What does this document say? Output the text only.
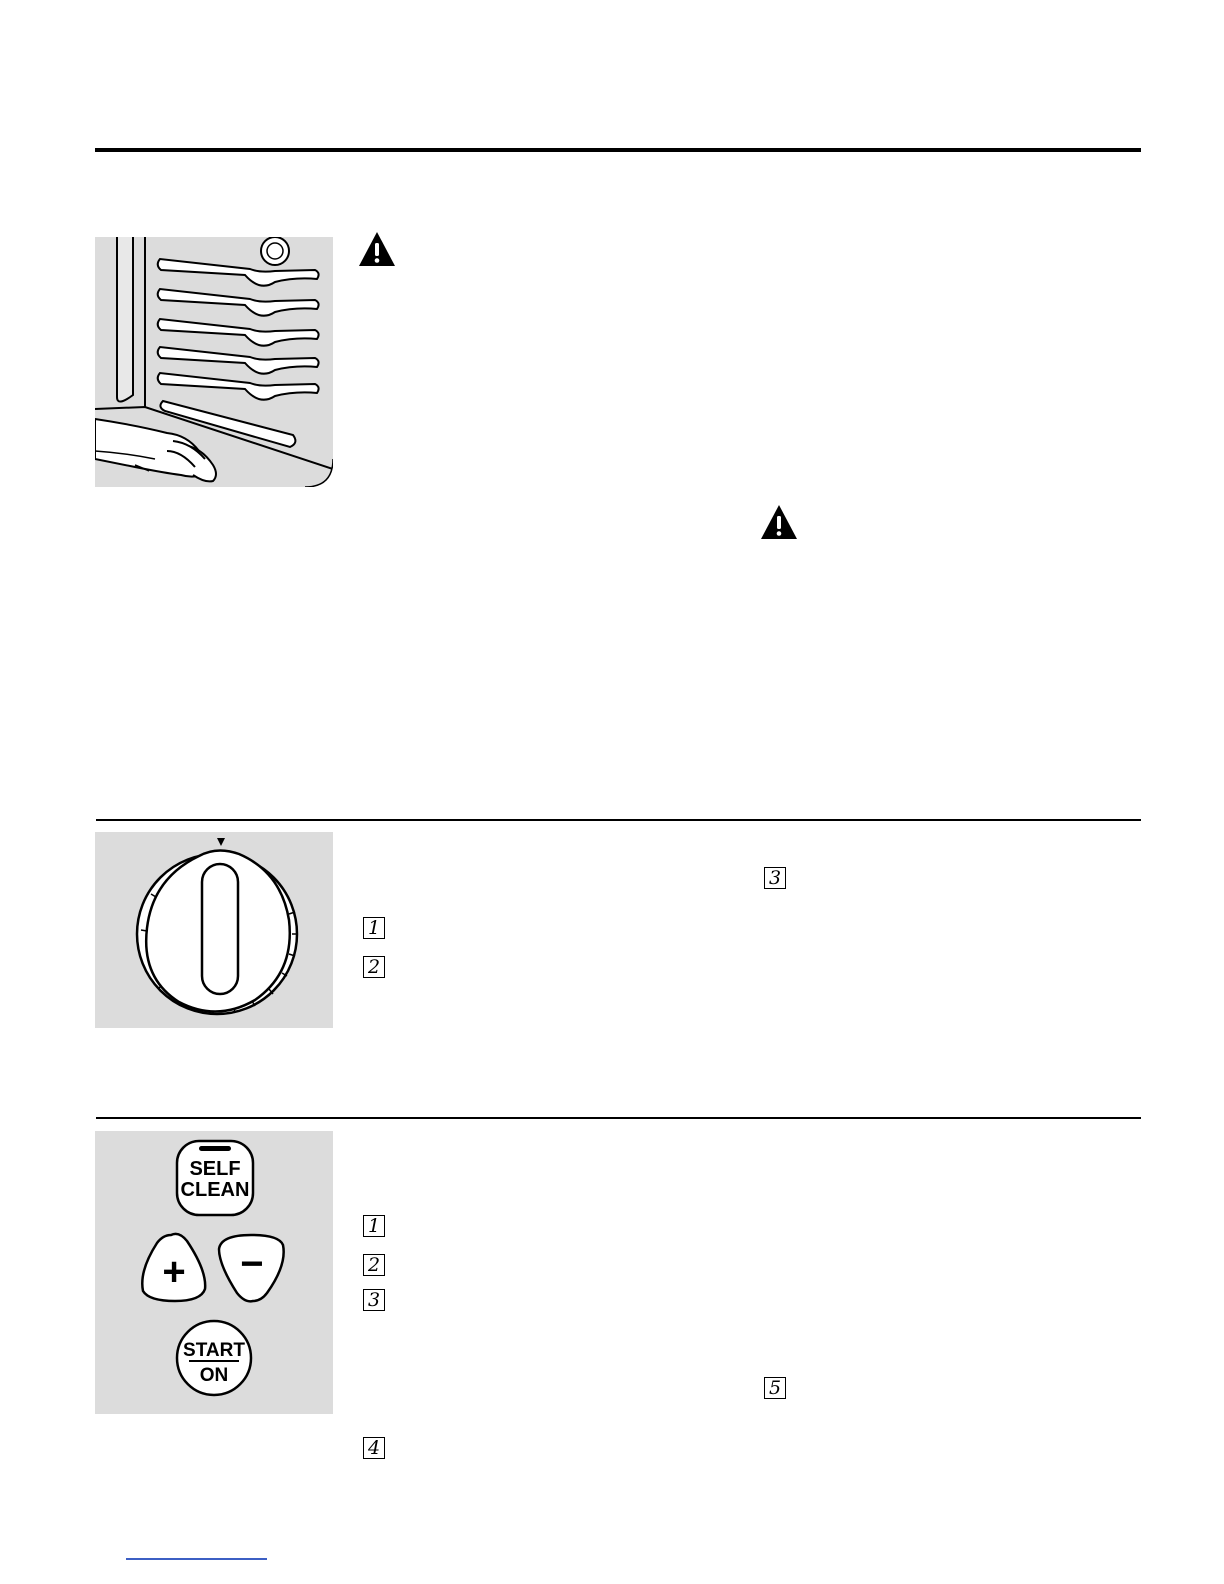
3
1
2
SELF
CLEAN
+ −
START
ON
1
2
3
5
4
